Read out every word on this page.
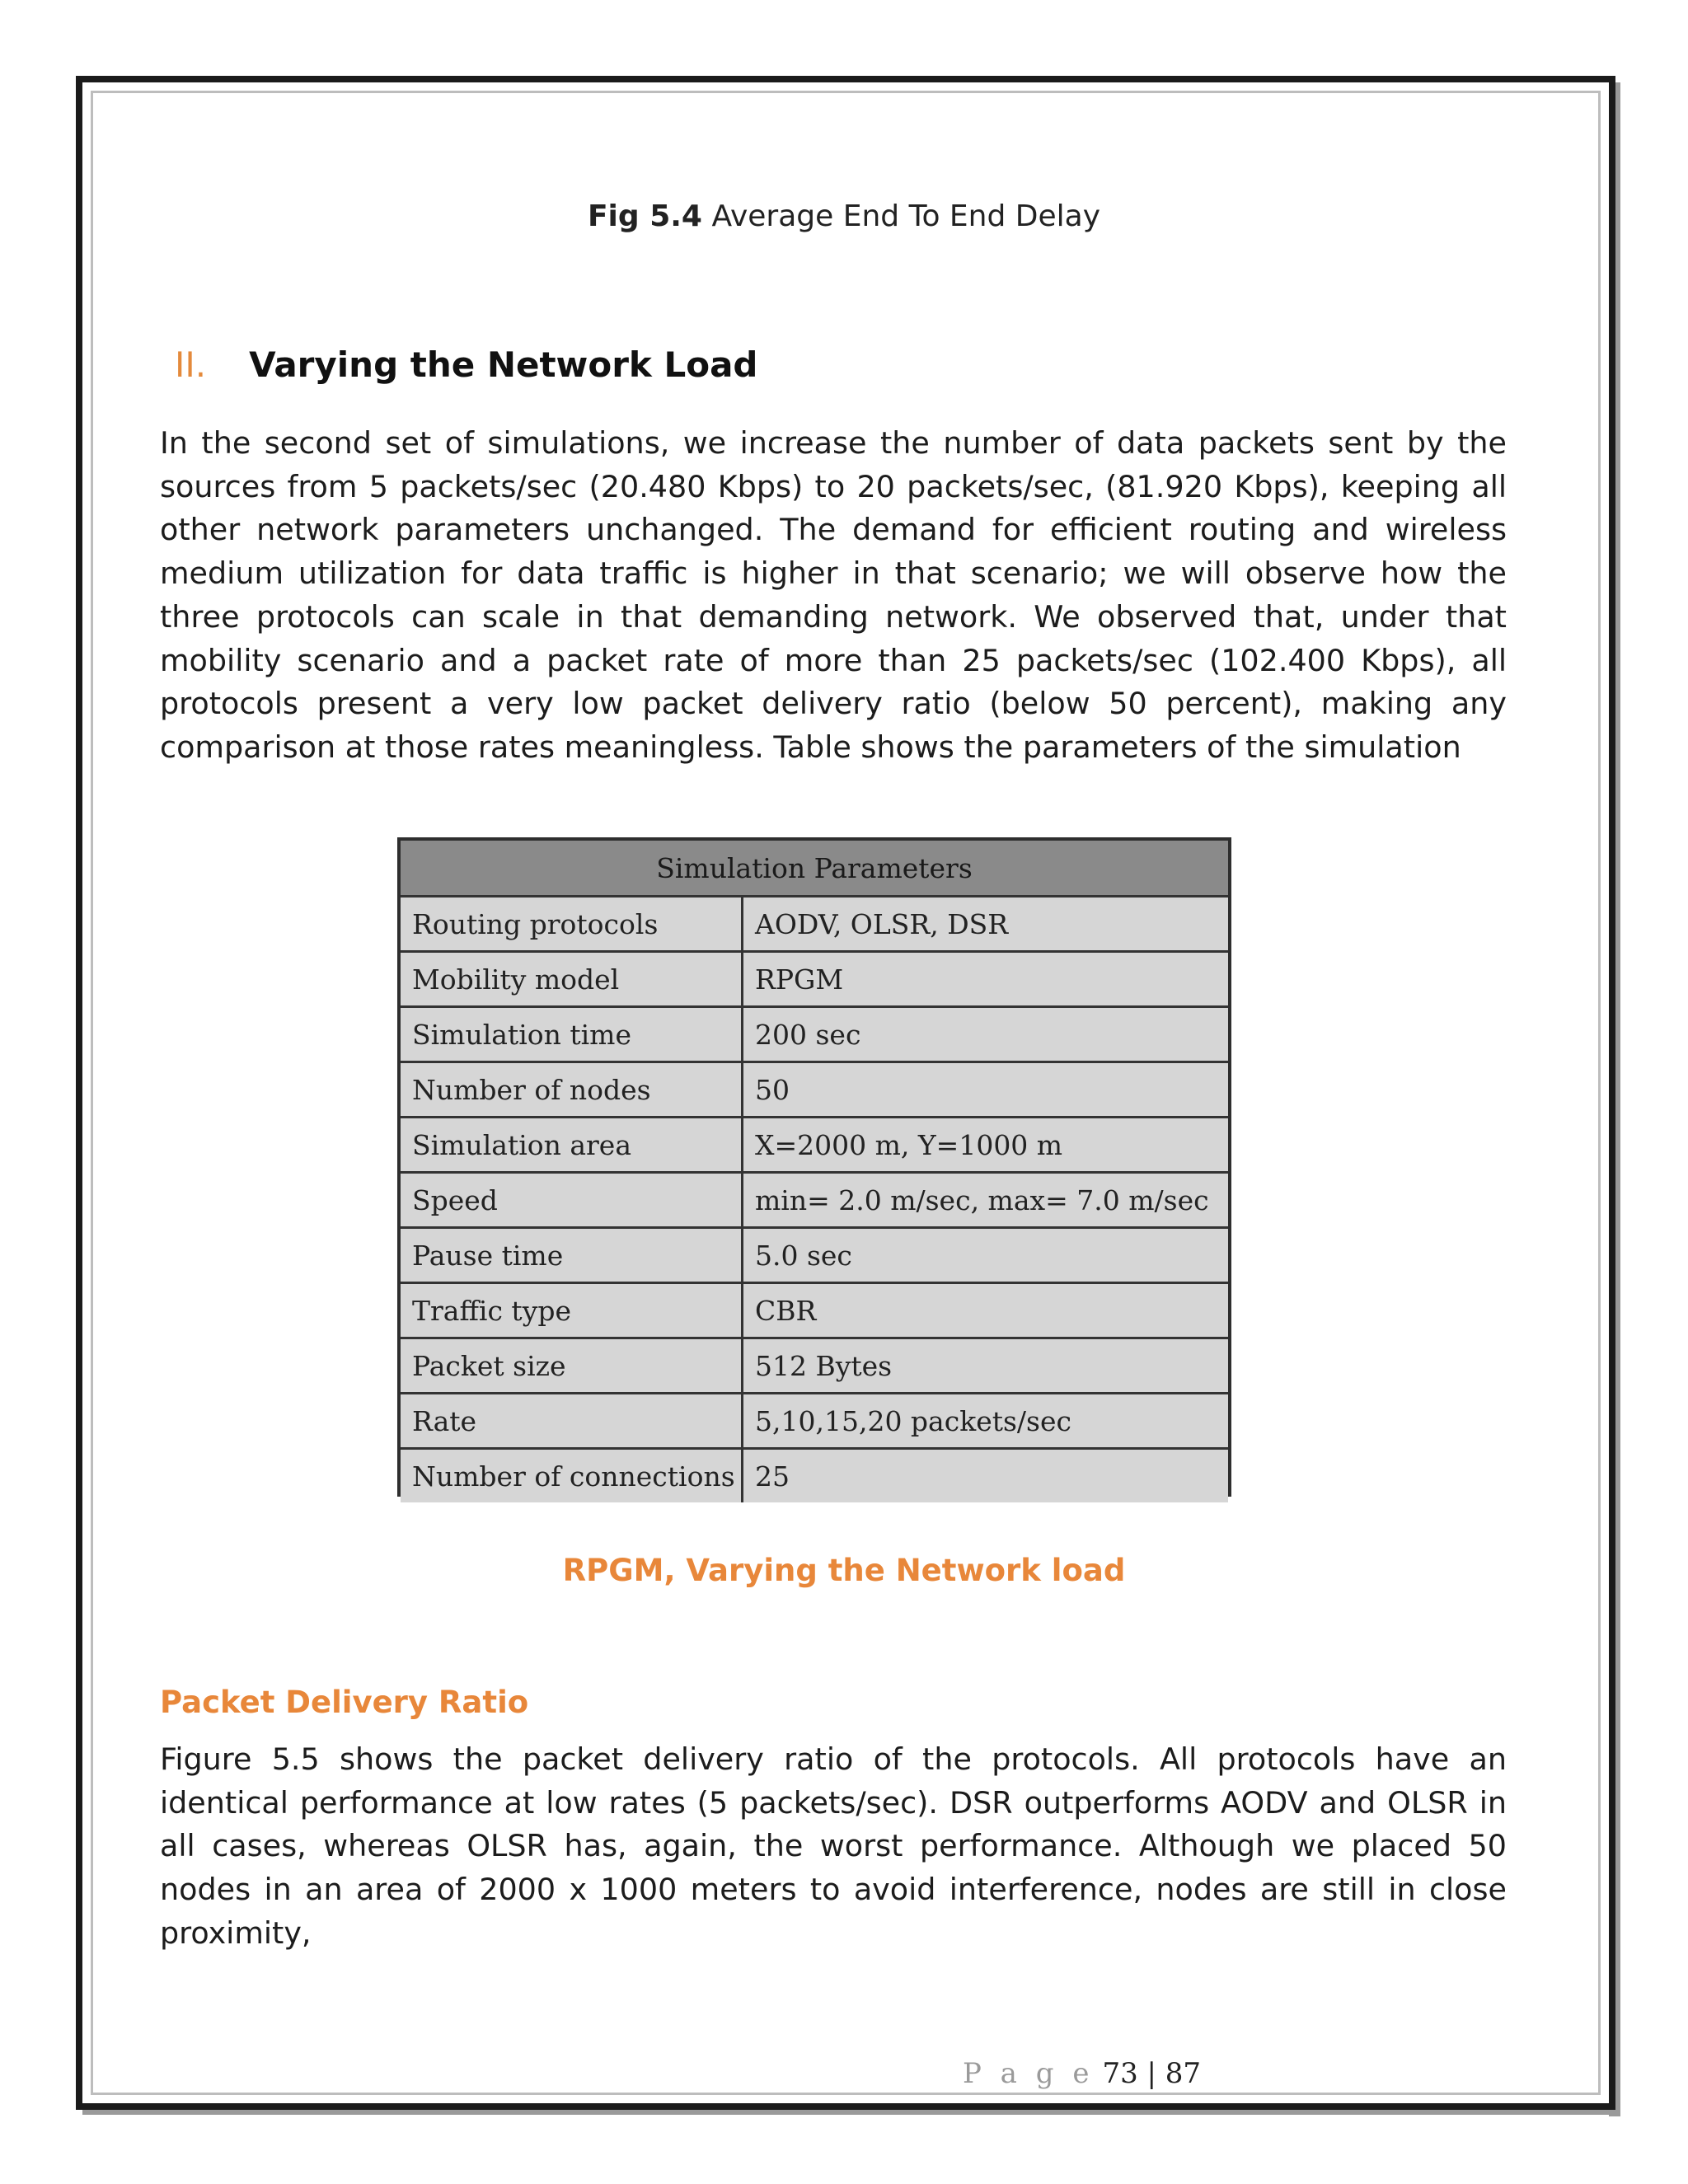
Fig 5.4 Average End To End Delay
II. Varying the Network Load
In the second set of simulations, we increase the number of data packets sent by the sources from 5 packets/sec (20.480 Kbps) to 20 packets/sec, (81.920 Kbps), keeping all other network parameters unchanged. The demand for efficient routing and wireless medium utilization for data traffic is higher in that scenario; we will observe how the three protocols can scale in that demanding network. We observed that, under that mobility scenario and a packet rate of more than 25 packets/sec (102.400 Kbps), all protocols present a very low packet delivery ratio (below 50 percent), making any comparison at those rates meaningless. Table shows the parameters of the simulation
Simulation Parameters	
Routing protocols	AODV, OLSR, DSR
Mobility model	RPGM
Simulation time	200 sec
Number of nodes	50
Simulation area	X=2000 m, Y=1000 m
Speed	min= 2.0 m/sec, max= 7.0 m/sec
Pause time	5.0 sec
Traffic type	CBR
Packet size	512 Bytes
Rate	5,10,15,20 packets/sec
Number of connections	25
RPGM, Varying the Network load
Packet Delivery Ratio
Figure 5.5 shows the packet delivery ratio of the protocols. All protocols have an identical performance at low rates (5 packets/sec). DSR outperforms AODV and OLSR in all cases, whereas OLSR has, again, the worst performance. Although we placed 50 nodes in an area of 2000 x 1000 meters to avoid interference, nodes are still in close proximity,
P a g e 73 | 87
